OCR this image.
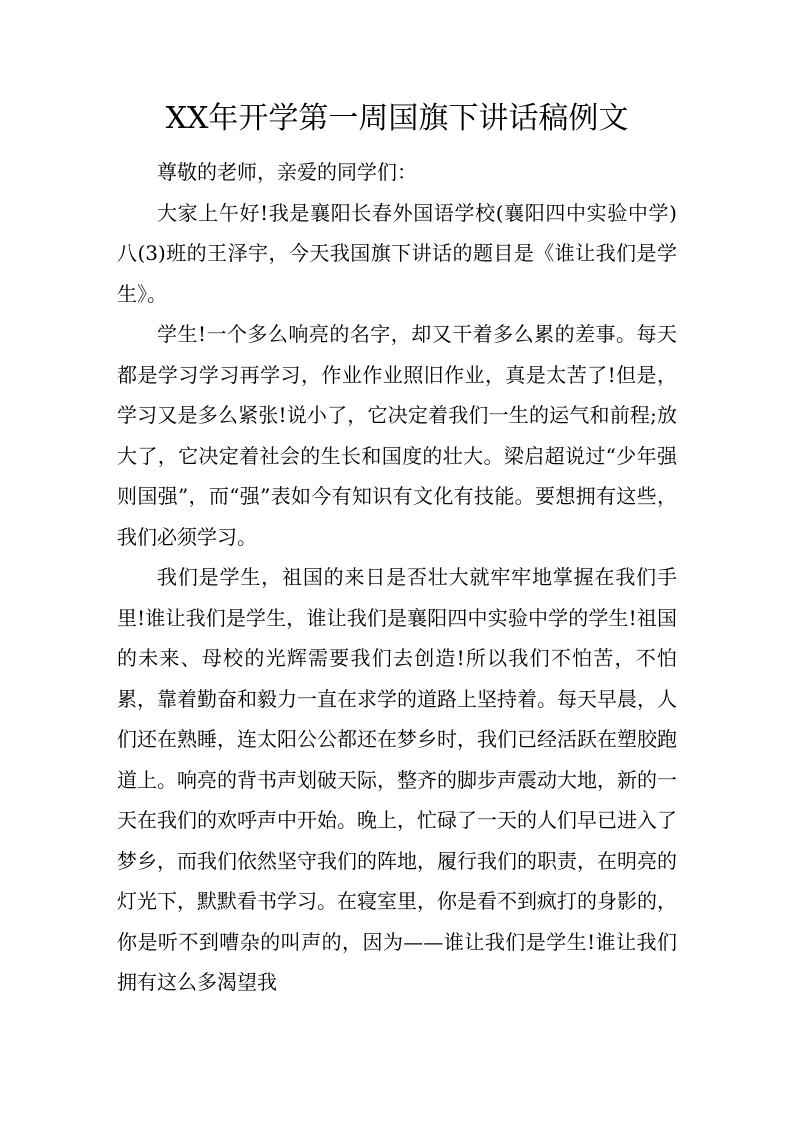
XX年开学第一周国旗下讲话稿例文

尊敬的老师，亲爱的同学们：

大家上午好!我是襄阳长春外国语学校(襄阳四中实验中学)八(3)班的王泽宇，今天我国旗下讲话的题目是《谁让我们是学生》。

学生!一个多么响亮的名字，却又干着多么累的差事。每天都是学习学习再学习，作业作业照旧作业，真是太苦了!但是，学习又是多么紧张!说小了，它决定着我们一生的运气和前程;放大了，它决定着社会的生长和国度的壮大。梁启超说过“少年强则国强”，而“强”表如今有知识有文化有技能。要想拥有这些，我们必须学习。

我们是学生，祖国的来日是否壮大就牢牢地掌握在我们手里!谁让我们是学生，谁让我们是襄阳四中实验中学的学生!祖国的未来、母校的光辉需要我们去创造!所以我们不怕苦，不怕累，靠着勤奋和毅力一直在求学的道路上坚持着。每天早晨，人们还在熟睡，连太阳公公都还在梦乡时，我们已经活跃在塑胶跑道上。响亮的背书声划破天际，整齐的脚步声震动大地，新的一天在我们的欢呼声中开始。晚上，忙碌了一天的人们早已进入了梦乡，而我们依然坚守我们的阵地，履行我们的职责，在明亮的灯光下，默默看书学习。在寝室里，你是看不到疯打的身影的，你是听不到嘈杂的叫声的，因为——谁让我们是学生!谁让我们拥有这么多渴望我
